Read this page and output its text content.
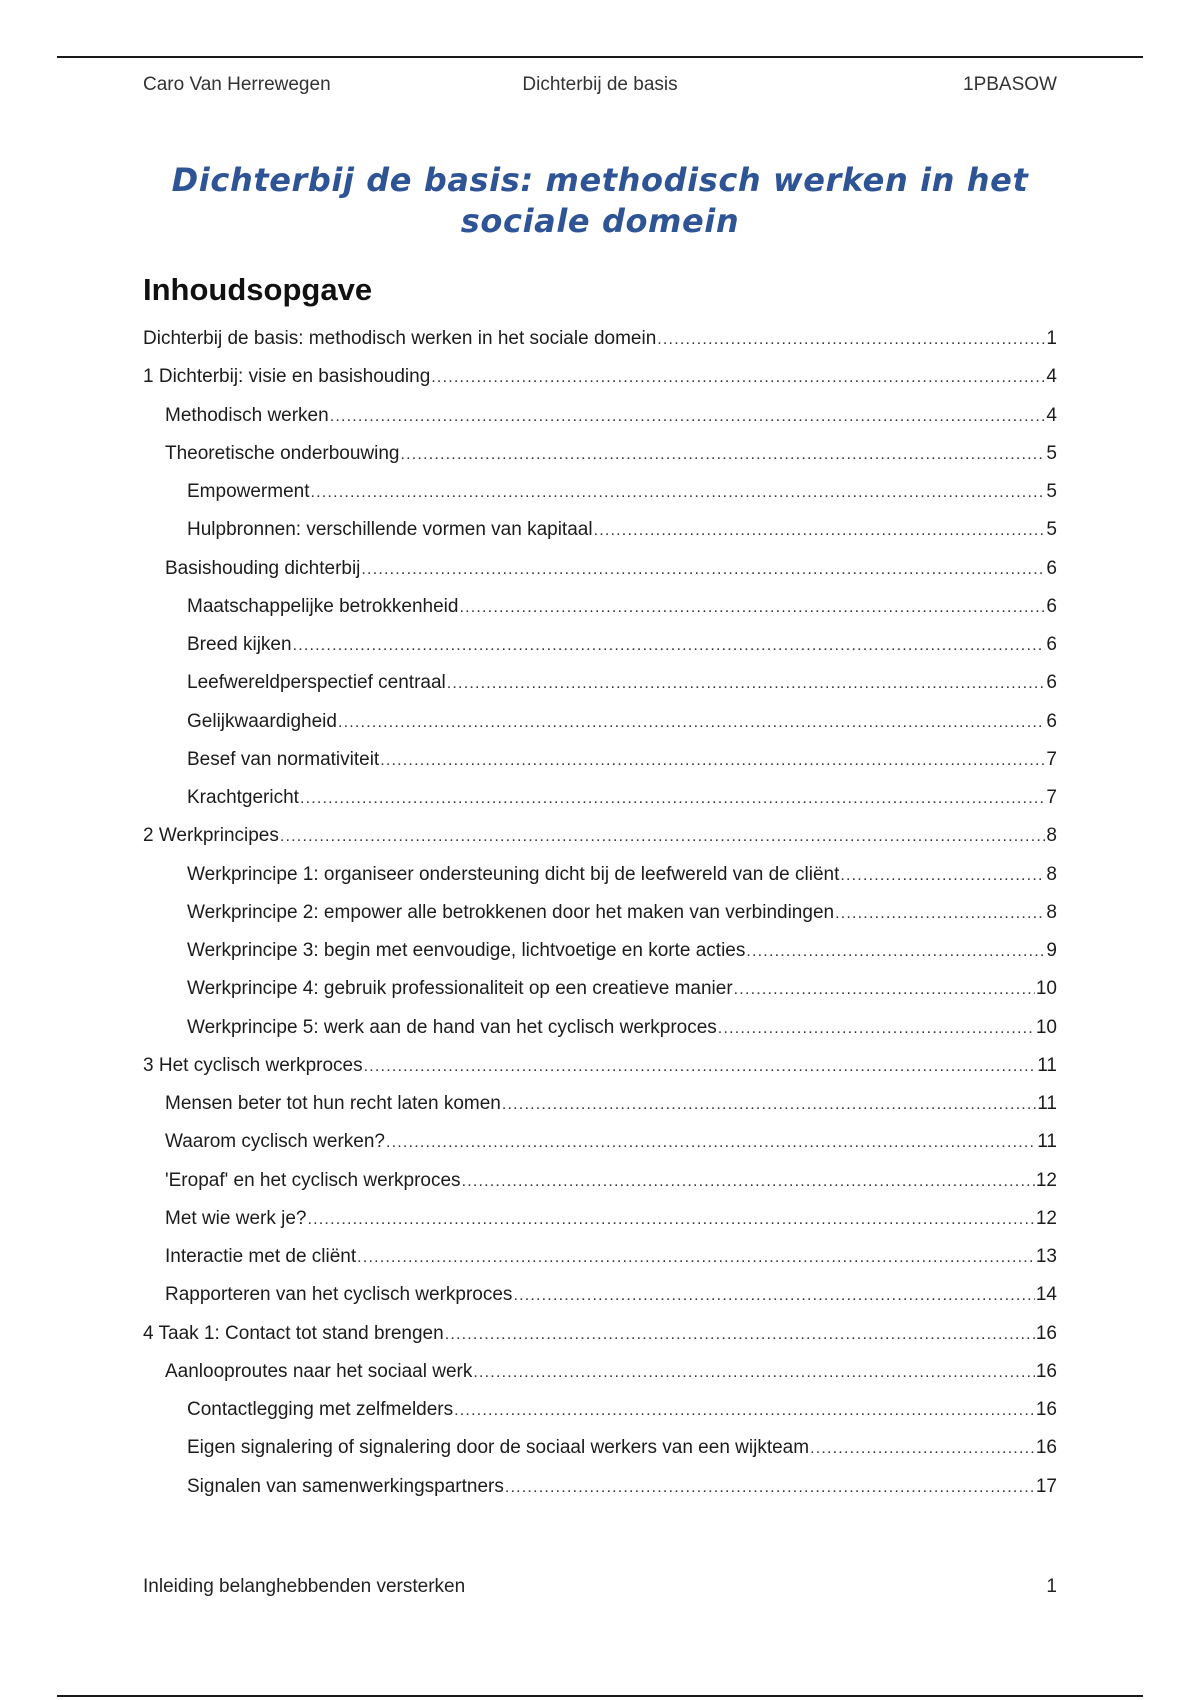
Caro Van Herrewegen	Dichterbij de basis	1PBASOW
Dichterbij de basis: methodisch werken in het sociale domein
Inhoudsopgave
Dichterbij de basis: methodisch werken in het sociale domein .....	1
1 Dichterbij: visie en basishouding .....	4
Methodisch werken .....	4
Theoretische onderbouwing .....	5
Empowerment .....	5
Hulpbronnen: verschillende vormen van kapitaal .....	5
Basishouding dichterbij .....	6
Maatschappelijke betrokkenheid .....	6
Breed kijken .....	6
Leefwereldperspectief centraal .....	6
Gelijkwaardigheid .....	6
Besef van normativiteit .....	7
Krachtgericht .....	7
2 Werkprincipes .....	8
Werkprincipe 1: organiseer ondersteuning dicht bij de leefwereld van de cliënt .....	8
Werkprincipe 2: empower alle betrokkenen door het maken van verbindingen .....	8
Werkprincipe 3: begin met eenvoudige, lichtvoetige en korte acties .....	9
Werkprincipe 4: gebruik professionaliteit op een creatieve manier .....	10
Werkprincipe 5: werk aan de hand van het cyclisch werkproces .....	10
3 Het cyclisch werkproces .....	11
Mensen beter tot hun recht laten komen .....	11
Waarom cyclisch werken? .....	11
'Eropaf' en het cyclisch werkproces .....	12
Met wie werk je? .....	12
Interactie met de cliënt .....	13
Rapporteren van het cyclisch werkproces .....	14
4 Taak 1: Contact tot stand brengen .....	16
Aanlooproutes naar het sociaal werk .....	16
Contactlegging met zelfmelders .....	16
Eigen signalering of signalering door de sociaal werkers van een wijkteam .....	16
Signalen van samenwerkingspartners .....	17
Inleiding belanghebbenden versterken	1
